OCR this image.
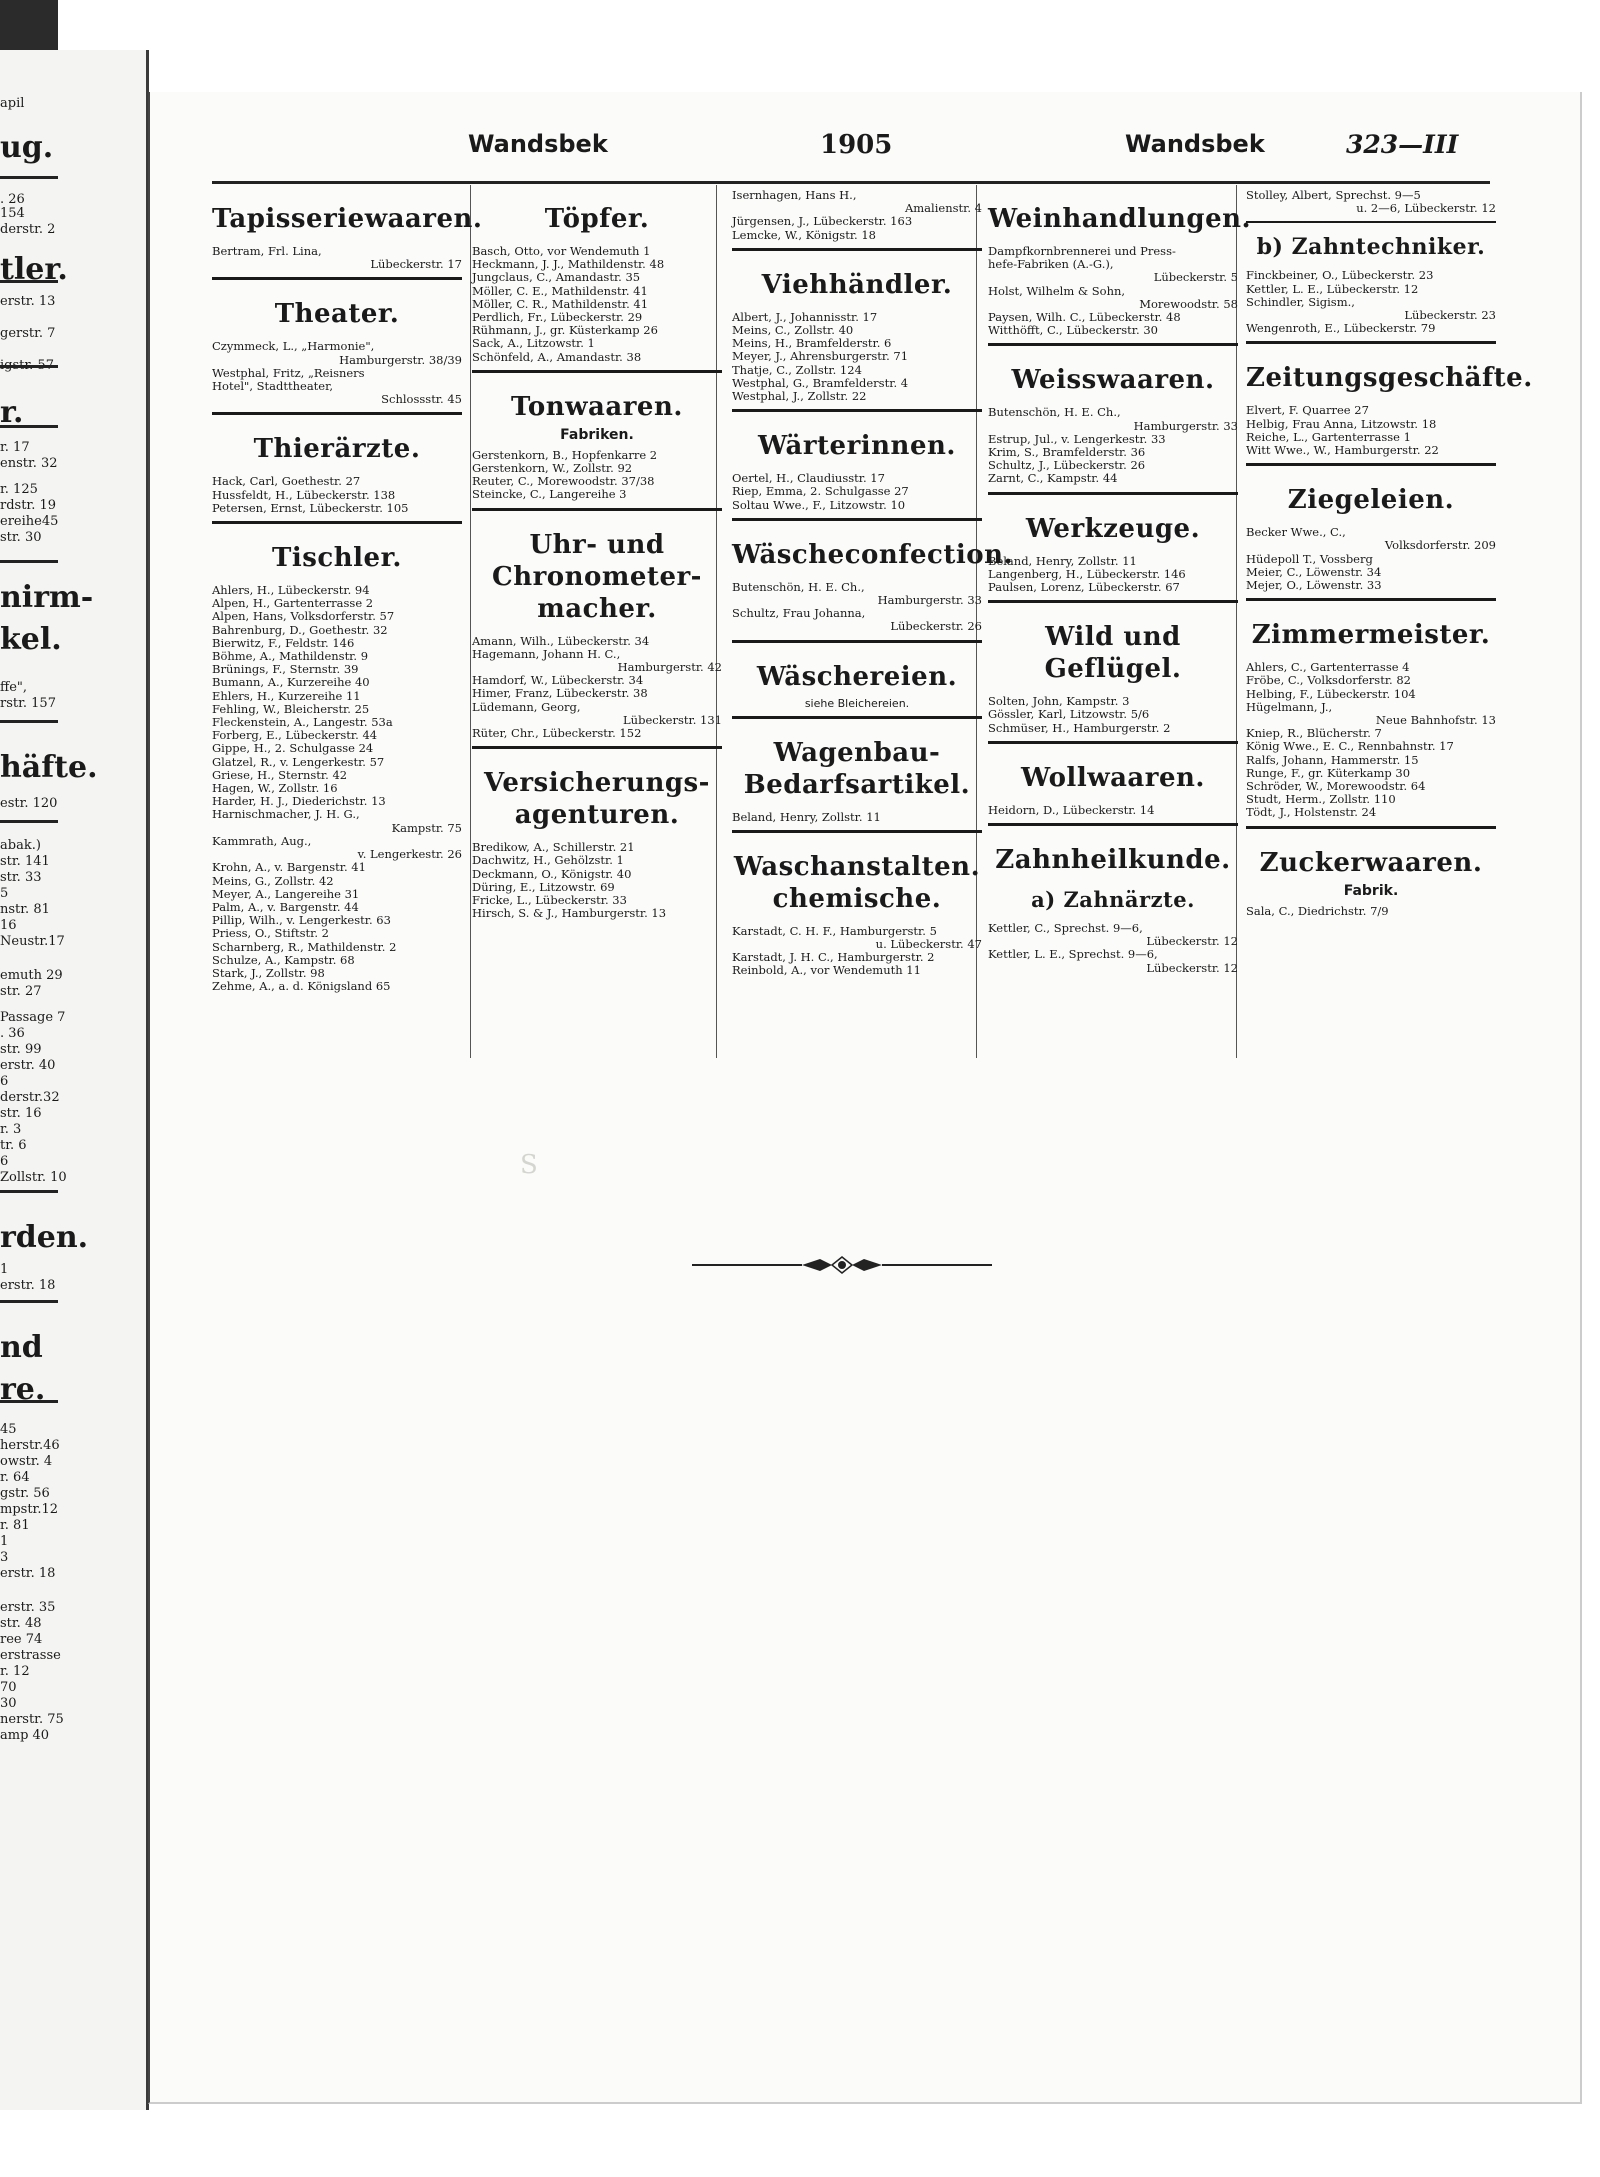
apil
ug.
. 26
154
derstr. 2
tler.
erstr. 13
gerstr. 7
igstr. 57
r.
r. 17
enstr. 32
r. 125
rdstr. 19
ereihe45
str. 30
nirm-
kel.
ffe",
rstr. 157
häfte.
estr. 120
abak.)
str. 141
str. 33
5
nstr. 81
16
Neustr.17
emuth 29
str. 27
Passage 7
. 36
str. 99
erstr. 40
6
derstr.32
str. 16
r. 3
tr. 6
6
Zollstr. 10
rden.
1
erstr. 18
nd
re.
45
herstr.46
owstr. 4
r. 64
gstr. 56
mpstr.12
r. 81
1
3
erstr. 18
erstr. 35
str. 48
ree 74
erstrasse
r. 12
70
30
nerstr. 75
amp 40
Wandsbek	1905	Wandsbek	323—III
Tapisseriewaaren.
Bertram, Frl. Lina,
Lübeckerstr. 17
Theater.
Czymmeck, L., „Harmonie",
Hamburgerstr. 38/39
Westphal, Fritz, „Reisners
Hotel", Stadttheater,
Schlossstr. 45
Thierärzte.
Hack, Carl, Goethestr. 27
Hussfeldt, H., Lübeckerstr. 138
Petersen, Ernst, Lübeckerstr. 105
Tischler.
Ahlers, H., Lübeckerstr. 94
Alpen, H., Gartenterrasse 2
Alpen, Hans, Volksdorferstr. 57
Bahrenburg, D., Goethestr. 32
Bierwitz, F., Feldstr. 146
Böhme, A., Mathildenstr. 9
Brünings, F., Sternstr. 39
Bumann, A., Kurzereihe 40
Ehlers, H., Kurzereihe 11
Fehling, W., Bleicherstr. 25
Fleckenstein, A., Langestr. 53a
Forberg, E., Lübeckerstr. 44
Gippe, H., 2. Schulgasse 24
Glatzel, R., v. Lengerkestr. 57
Griese, H., Sternstr. 42
Hagen, W., Zollstr. 16
Harder, H. J., Diederichstr. 13
Harnischmacher, J. H. G.,
Kampstr. 75
Kammrath, Aug.,
v. Lengerkestr. 26
Krohn, A., v. Bargenstr. 41
Meins, G., Zollstr. 42
Meyer, A., Langereihe 31
Palm, A., v. Bargenstr. 44
Pillip, Wilh., v. Lengerkestr. 63
Priess, O., Stiftstr. 2
Scharnberg, R., Mathildenstr. 2
Schulze, A., Kampstr. 68
Stark, J., Zollstr. 98
Zehme, A., a. d. Königsland 65
Töpfer.
Basch, Otto, vor Wendemuth 1
Heckmann, J. J., Mathildenstr. 48
Jungclaus, C., Amandastr. 35
Möller, C. E., Mathildenstr. 41
Möller, C. R., Mathildenstr. 41
Perdlich, Fr., Lübeckerstr. 29
Rühmann, J., gr. Küsterkamp 26
Sack, A., Litzowstr. 1
Schönfeld, A., Amandastr. 38
Tonwaaren.
Fabriken.
Gerstenkorn, B., Hopfenkarre 2
Gerstenkorn, W., Zollstr. 92
Reuter, C., Morewoodstr. 37/38
Steincke, C., Langereihe 3
Uhr- und
Chronometer-
macher.
Amann, Wilh., Lübeckerstr. 34
Hagemann, Johann H. C.,
Hamburgerstr. 42
Hamdorf, W., Lübeckerstr. 34
Himer, Franz, Lübeckerstr. 38
Lüdemann, Georg,
Lübeckerstr. 131
Rüter, Chr., Lübeckerstr. 152
Versicherungs-
agenturen.
Bredikow, A., Schillerstr. 21
Dachwitz, H., Gehölzstr. 1
Deckmann, O., Königstr. 40
Düring, E., Litzowstr. 69
Fricke, L., Lübeckerstr. 33
Hirsch, S. & J., Hamburgerstr. 13
Isernhagen, Hans H.,
Amalienstr. 4
Jürgensen, J., Lübeckerstr. 163
Lemcke, W., Königstr. 18
Viehhändler.
Albert, J., Johannisstr. 17
Meins, C., Zollstr. 40
Meins, H., Bramfelderstr. 6
Meyer, J., Ahrensburgerstr. 71
Thatje, C., Zollstr. 124
Westphal, G., Bramfelderstr. 4
Westphal, J., Zollstr. 22
Wärterinnen.
Oertel, H., Claudiusstr. 17
Riep, Emma, 2. Schulgasse 27
Soltau Wwe., F., Litzowstr. 10
Wäscheconfection.
Butenschön, H. E. Ch.,
Hamburgerstr. 33
Schultz, Frau Johanna,
Lübeckerstr. 26
Wäschereien.
siehe Bleichereien.
Wagenbau-
Bedarfsartikel.
Beland, Henry, Zollstr. 11
Waschanstalten.
chemische.
Karstadt, C. H. F., Hamburgerstr. 5
u. Lübeckerstr. 47
Karstadt, J. H. C., Hamburgerstr. 2
Reinbold, A., vor Wendemuth 11
Weinhandlungen.
Dampfkornbrennerei und Press-
hefe-Fabriken (A.-G.),
Lübeckerstr. 5
Holst, Wilhelm & Sohn,
Morewoodstr. 58
Paysen, Wilh. C., Lübeckerstr. 48
Witthöfft, C., Lübeckerstr. 30
Weisswaaren.
Butenschön, H. E. Ch.,
Hamburgerstr. 33
Estrup, Jul., v. Lengerkestr. 33
Krim, S., Bramfelderstr. 36
Schultz, J., Lübeckerstr. 26
Zarnt, C., Kampstr. 44
Werkzeuge.
Beland, Henry, Zollstr. 11
Langenberg, H., Lübeckerstr. 146
Paulsen, Lorenz, Lübeckerstr. 67
Wild und Geflügel.
Solten, John, Kampstr. 3
Gössler, Karl, Litzowstr. 5/6
Schmüser, H., Hamburgerstr. 2
Wollwaaren.
Heidorn, D., Lübeckerstr. 14
Zahnheilkunde.
a) Zahnärzte.
Kettler, C., Sprechst. 9—6,
Lübeckerstr. 12
Kettler, L. E., Sprechst. 9—6,
Lübeckerstr. 12
Stolley, Albert, Sprechst. 9—5
u. 2—6, Lübeckerstr. 12
b) Zahntechniker.
Finckbeiner, O., Lübeckerstr. 23
Kettler, L. E., Lübeckerstr. 12
Schindler, Sigism.,
Lübeckerstr. 23
Wengenroth, E., Lübeckerstr. 79
Zeitungsgeschäfte.
Elvert, F. Quarree 27
Helbig, Frau Anna, Litzowstr. 18
Reiche, L., Gartenterrasse 1
Witt Wwe., W., Hamburgerstr. 22
Ziegeleien.
Becker Wwe., C.,
Volksdorferstr. 209
Hüdepoll T., Vossberg
Meier, C., Löwenstr. 34
Mejer, O., Löwenstr. 33
Zimmermeister.
Ahlers, C., Gartenterrasse 4
Fröbe, C., Volksdorferstr. 82
Helbing, F., Lübeckerstr. 104
Hügelmann, J.,
Neue Bahnhofstr. 13
Kniep, R., Blücherstr. 7
König Wwe., E. C., Rennbahnstr. 17
Ralfs, Johann, Hammerstr. 15
Runge, F., gr. Küterkamp 30
Schröder, W., Morewoodstr. 64
Studt, Herm., Zollstr. 110
Tödt, J., Holstenstr. 24
Zuckerwaaren.
Fabrik.
Sala, C., Diedrichstr. 7/9
S
